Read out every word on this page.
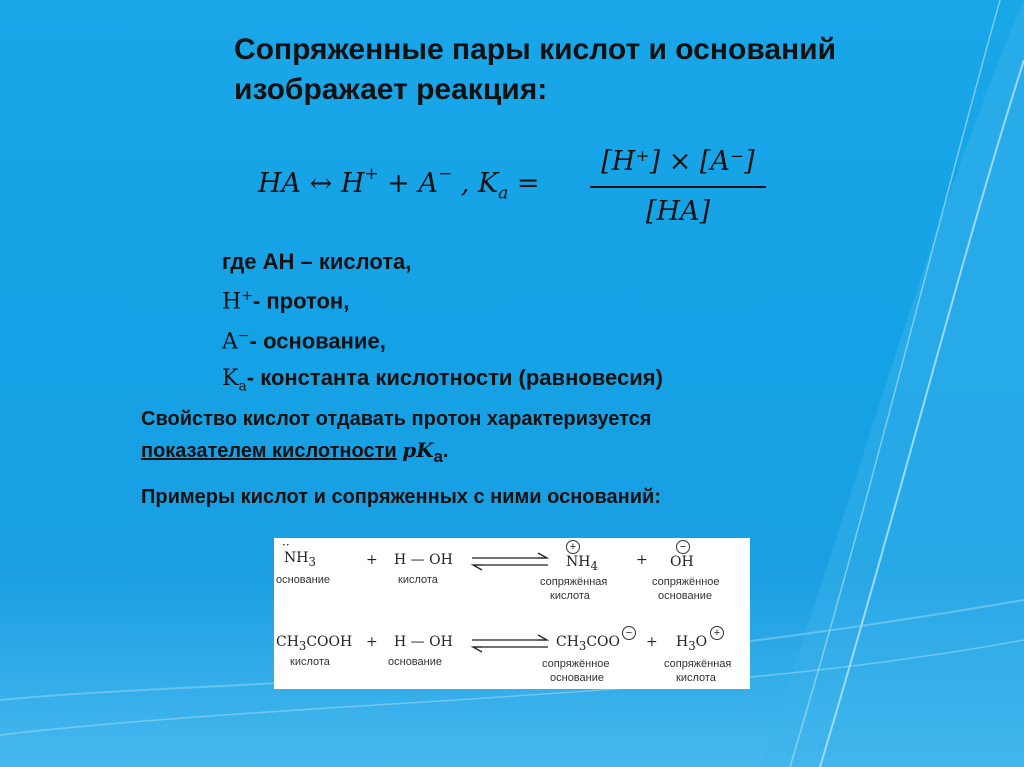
Сопряженные пары кислот и оснований изображает реакция:
HA ↔ H+ + A− , $K_a$ =
[H⁺] × [A⁻]
[HA]
где АН – кислота,
H+- протон,
A−- основание,
$K_a-$ константа кислотности (равновесия)
Свойство кислот отдавать протон характеризуется
показателем кислотности $pK_a$.
Примеры кислот и сопряженных с ними оснований:
··
$NH_3$
основание
+ H — OH
кислота
+
$NH_4$
сопряжённая
кислота
+
−
OH
сопряжённое
основание
$CH_3COOH$
кислота
+ H — OH
основание
$CH_3COO$
−
сопряжённое
основание
+ $H_3O$
+
сопряжённая
кислота
